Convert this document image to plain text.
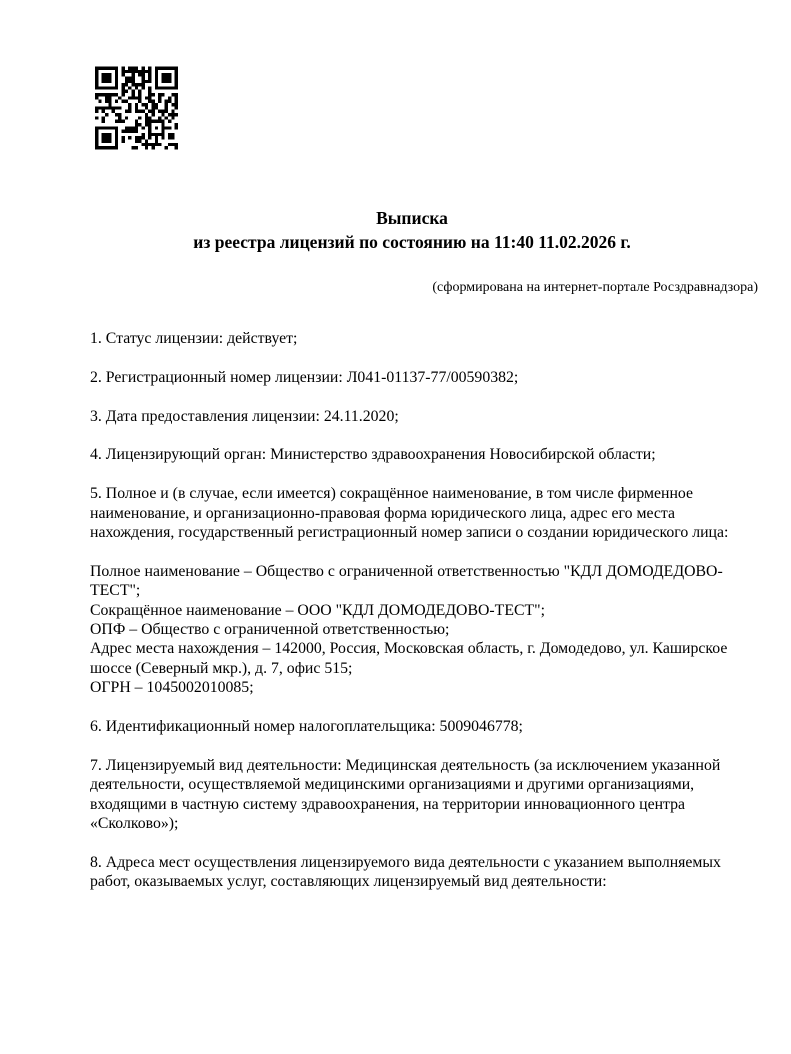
Выписка
из реестра лицензий по состоянию на 11:40 11.02.2026 г.
(сформирована на интернет-портале Росздравнадзора)
1. Статус лицензии: действует;
2. Регистрационный номер лицензии: Л041-01137-77/00590382;
3. Дата предоставления лицензии: 24.11.2020;
4. Лицензирующий орган: Министерство здравоохранения Новосибирской области;
5. Полное и (в случае, если имеется) сокращённое наименование, в том числе фирменное наименование, и организационно-правовая форма юридического лица, адрес его места нахождения, государственный регистрационный номер записи о создании юридического лица:
Полное наименование – Общество с ограниченной ответственностью "КДЛ ДОМОДЕДОВО-ТЕСТ";
Сокращённое наименование – ООО "КДЛ ДОМОДЕДОВО-ТЕСТ";
ОПФ – Общество с ограниченной ответственностью;
Адрес места нахождения – 142000, Россия, Московская область, г. Домодедово, ул. Каширское шоссе (Северный мкр.), д. 7, офис 515;
ОГРН – 1045002010085;
6. Идентификационный номер налогоплательщика: 5009046778;
7. Лицензируемый вид деятельности: Медицинская деятельность (за исключением указанной деятельности, осуществляемой медицинскими организациями и другими организациями, входящими в частную систему здравоохранения, на территории инновационного центра «Сколково»);
8. Адреса мест осуществления лицензируемого вида деятельности с указанием выполняемых работ, оказываемых услуг, составляющих лицензируемый вид деятельности:
